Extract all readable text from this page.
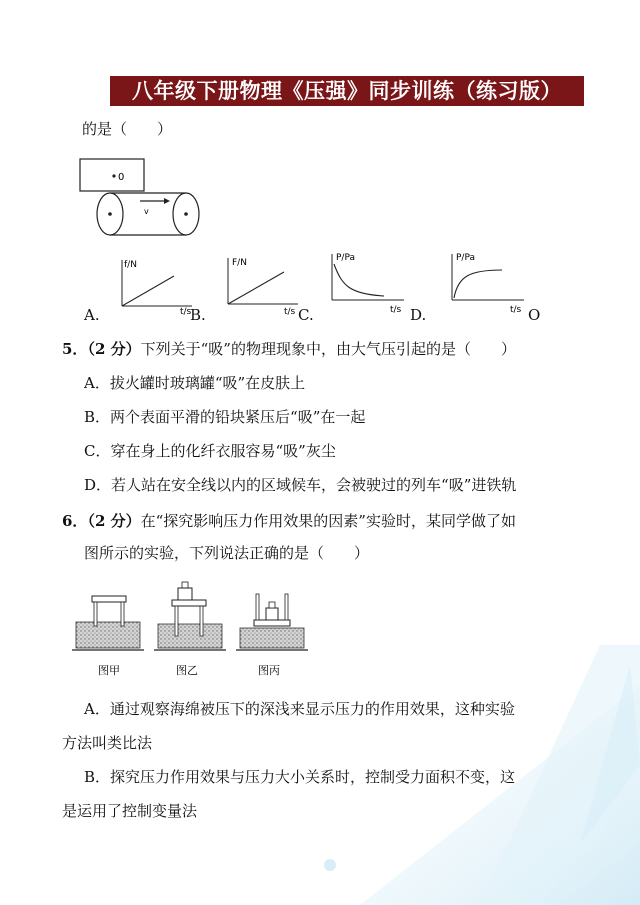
八年级下册物理《压强》同步训练（练习版）
的是（　　）
0
v
f/N
t/s
A.
F/N
t/s
B.
P/Pa
t/s
C.
P/Pa
t/s
D.	O
5．（2 分）下列关于“吸”的物理现象中，由大气压引起的是（　　）
A．拔火罐时玻璃罐“吸”在皮肤上
B．两个表面平滑的铅块紧压后“吸”在一起
C．穿在身上的化纤衣服容易“吸”灰尘
D．若人站在安全线以内的区域候车，会被驶过的列车“吸”进铁轨
6．（2 分）在“探究影响压力作用效果的因素”实验时，某同学做了如
图所示的实验，下列说法正确的是（　　）
图甲	图乙	图丙
A．通过观察海绵被压下的深浅来显示压力的作用效果，这种实验
方法叫类比法
B．探究压力作用效果与压力大小关系时，控制受力面积不变，这
是运用了控制变量法
